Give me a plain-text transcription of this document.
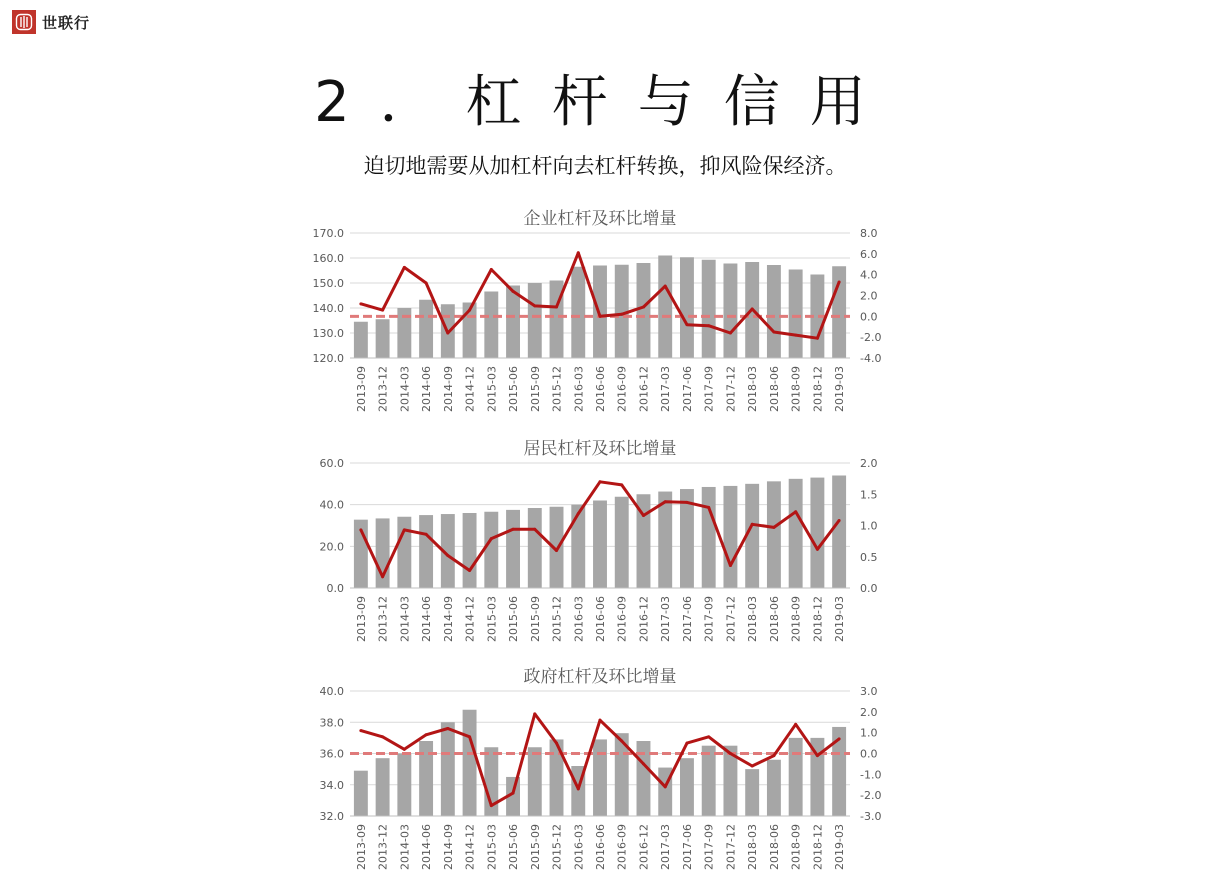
世联行
2．杠杆与信用
迫切地需要从加杠杆向去杠杆转换，抑风险保经济。
企业杠杆及环比增量
170.0
160.0
150.0
140.0
130.0
120.0
8.0
6.0
4.0
2.0
0.0
-2.0
-4.0
2013-09 2013-12 2014-03 2014-06 2014-09 2014-12 2015-03 2015-06 2015-09 2015-12 2016-03 2016-06 2016-09 2016-12 2017-03 2017-06 2017-09 2017-12 2018-03 2018-06 2018-09 2018-12 2019-03
居民杠杆及环比增量
60.0
40.0
20.0
0.0
2.0
1.5
1.0
0.5
0.0
2013-09 2013-12 2014-03 2014-06 2014-09 2014-12 2015-03 2015-06 2015-09 2015-12 2016-03 2016-06 2016-09 2016-12 2017-03 2017-06 2017-09 2017-12 2018-03 2018-06 2018-09 2018-12 2019-03
政府杠杆及环比增量
40.0
38.0
36.0
34.0
32.0
3.0
2.0
1.0
0.0
-1.0
-2.0
-3.0
2013-09 2013-12 2014-03 2014-06 2014-09 2014-12 2015-03 2015-06 2015-09 2015-12 2016-03 2016-06 2016-09 2016-12 2017-03 2017-06 2017-09 2017-12 2018-03 2018-06 2018-09 2018-12 2019-03
